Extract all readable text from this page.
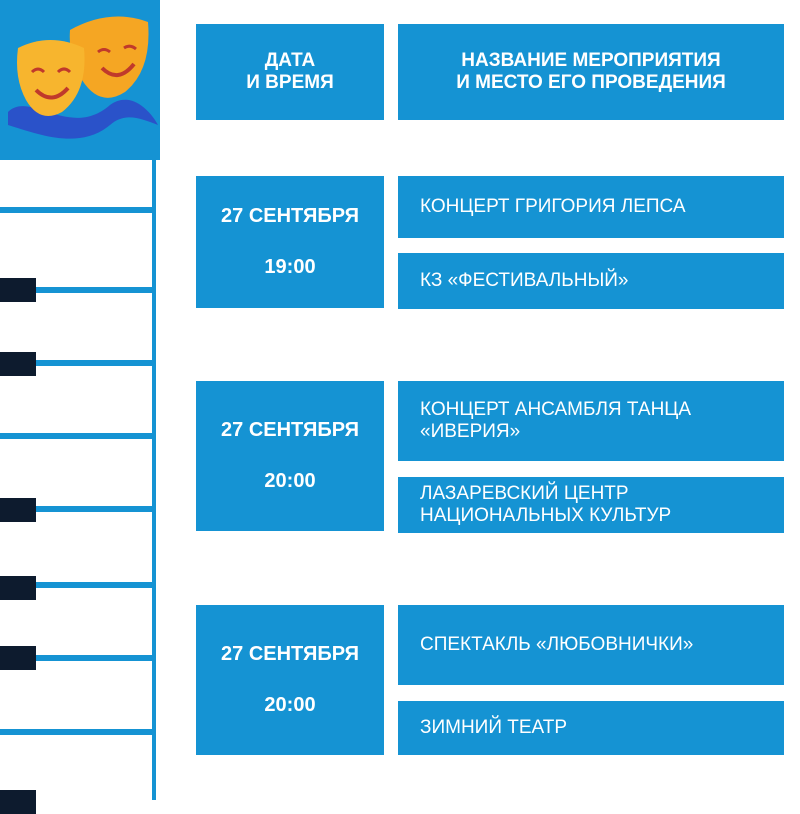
ДАТА
И ВРЕМЯ
НАЗВАНИЕ МЕРОПРИЯТИЯ
И МЕСТО ЕГО ПРОВЕДЕНИЯ
27 СЕНТЯБРЯ
19:00
КОНЦЕРТ ГРИГОРИЯ ЛЕПСА
КЗ «ФЕСТИВАЛЬНЫЙ»
27 СЕНТЯБРЯ
20:00
КОНЦЕРТ АНСАМБЛЯ ТАНЦА
«ИВЕРИЯ»
ЛАЗАРЕВСКИЙ ЦЕНТР
НАЦИОНАЛЬНЫХ КУЛЬТУР
27 СЕНТЯБРЯ
20:00
СПЕКТАКЛЬ «ЛЮБОВНИЧКИ»
ЗИМНИЙ ТЕАТР
